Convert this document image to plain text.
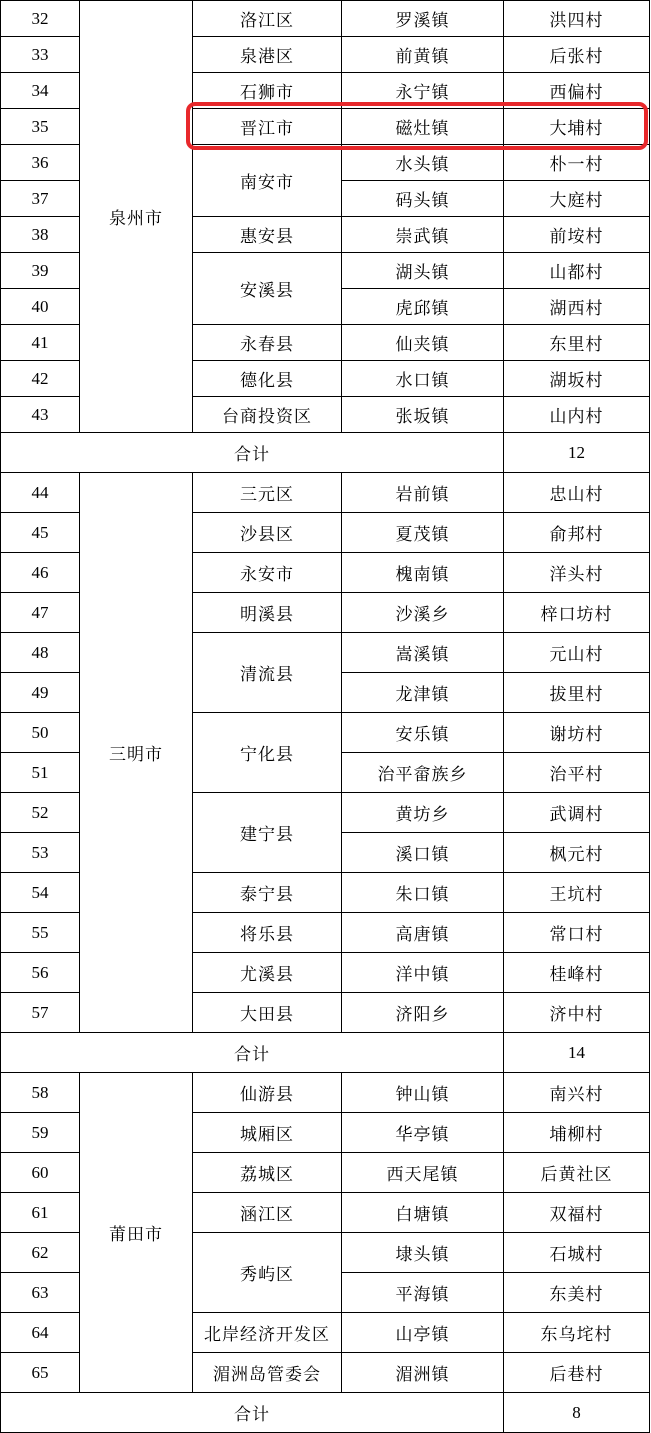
32	泉州市	洛江区	罗溪镇	洪四村
33		泉港区	前黄镇	后张村
34		石狮市	永宁镇	西偏村
35		晋江市	磁灶镇	大埔村
36		南安市	水头镇	朴一村
37			码头镇	大庭村
38		惠安县	崇武镇	前垵村
39		安溪县	湖头镇	山都村
40			虎邱镇	湖西村
41		永春县	仙夹镇	东里村
42		德化县	水口镇	湖坂村
43		台商投资区	张坂镇	山内村
合计				12
44	三明市	三元区	岩前镇	忠山村
45		沙县区	夏茂镇	俞邦村
46		永安市	槐南镇	洋头村
47		明溪县	沙溪乡	梓口坊村
48		清流县	嵩溪镇	元山村
49			龙津镇	拔里村
50		宁化县	安乐镇	谢坊村
51			治平畲族乡	治平村
52		建宁县	黄坊乡	武调村
53			溪口镇	枫元村
54		泰宁县	朱口镇	王坑村
55		将乐县	高唐镇	常口村
56		尤溪县	洋中镇	桂峰村
57		大田县	济阳乡	济中村
合计				14
58	莆田市	仙游县	钟山镇	南兴村
59		城厢区	华亭镇	埔柳村
60		荔城区	西天尾镇	后黄社区
61		涵江区	白塘镇	双福村
62		秀屿区	埭头镇	石城村
63			平海镇	东美村
64		北岸经济开发区	山亭镇	东乌垞村
65		湄洲岛管委会	湄洲镇	后巷村
合计				8
